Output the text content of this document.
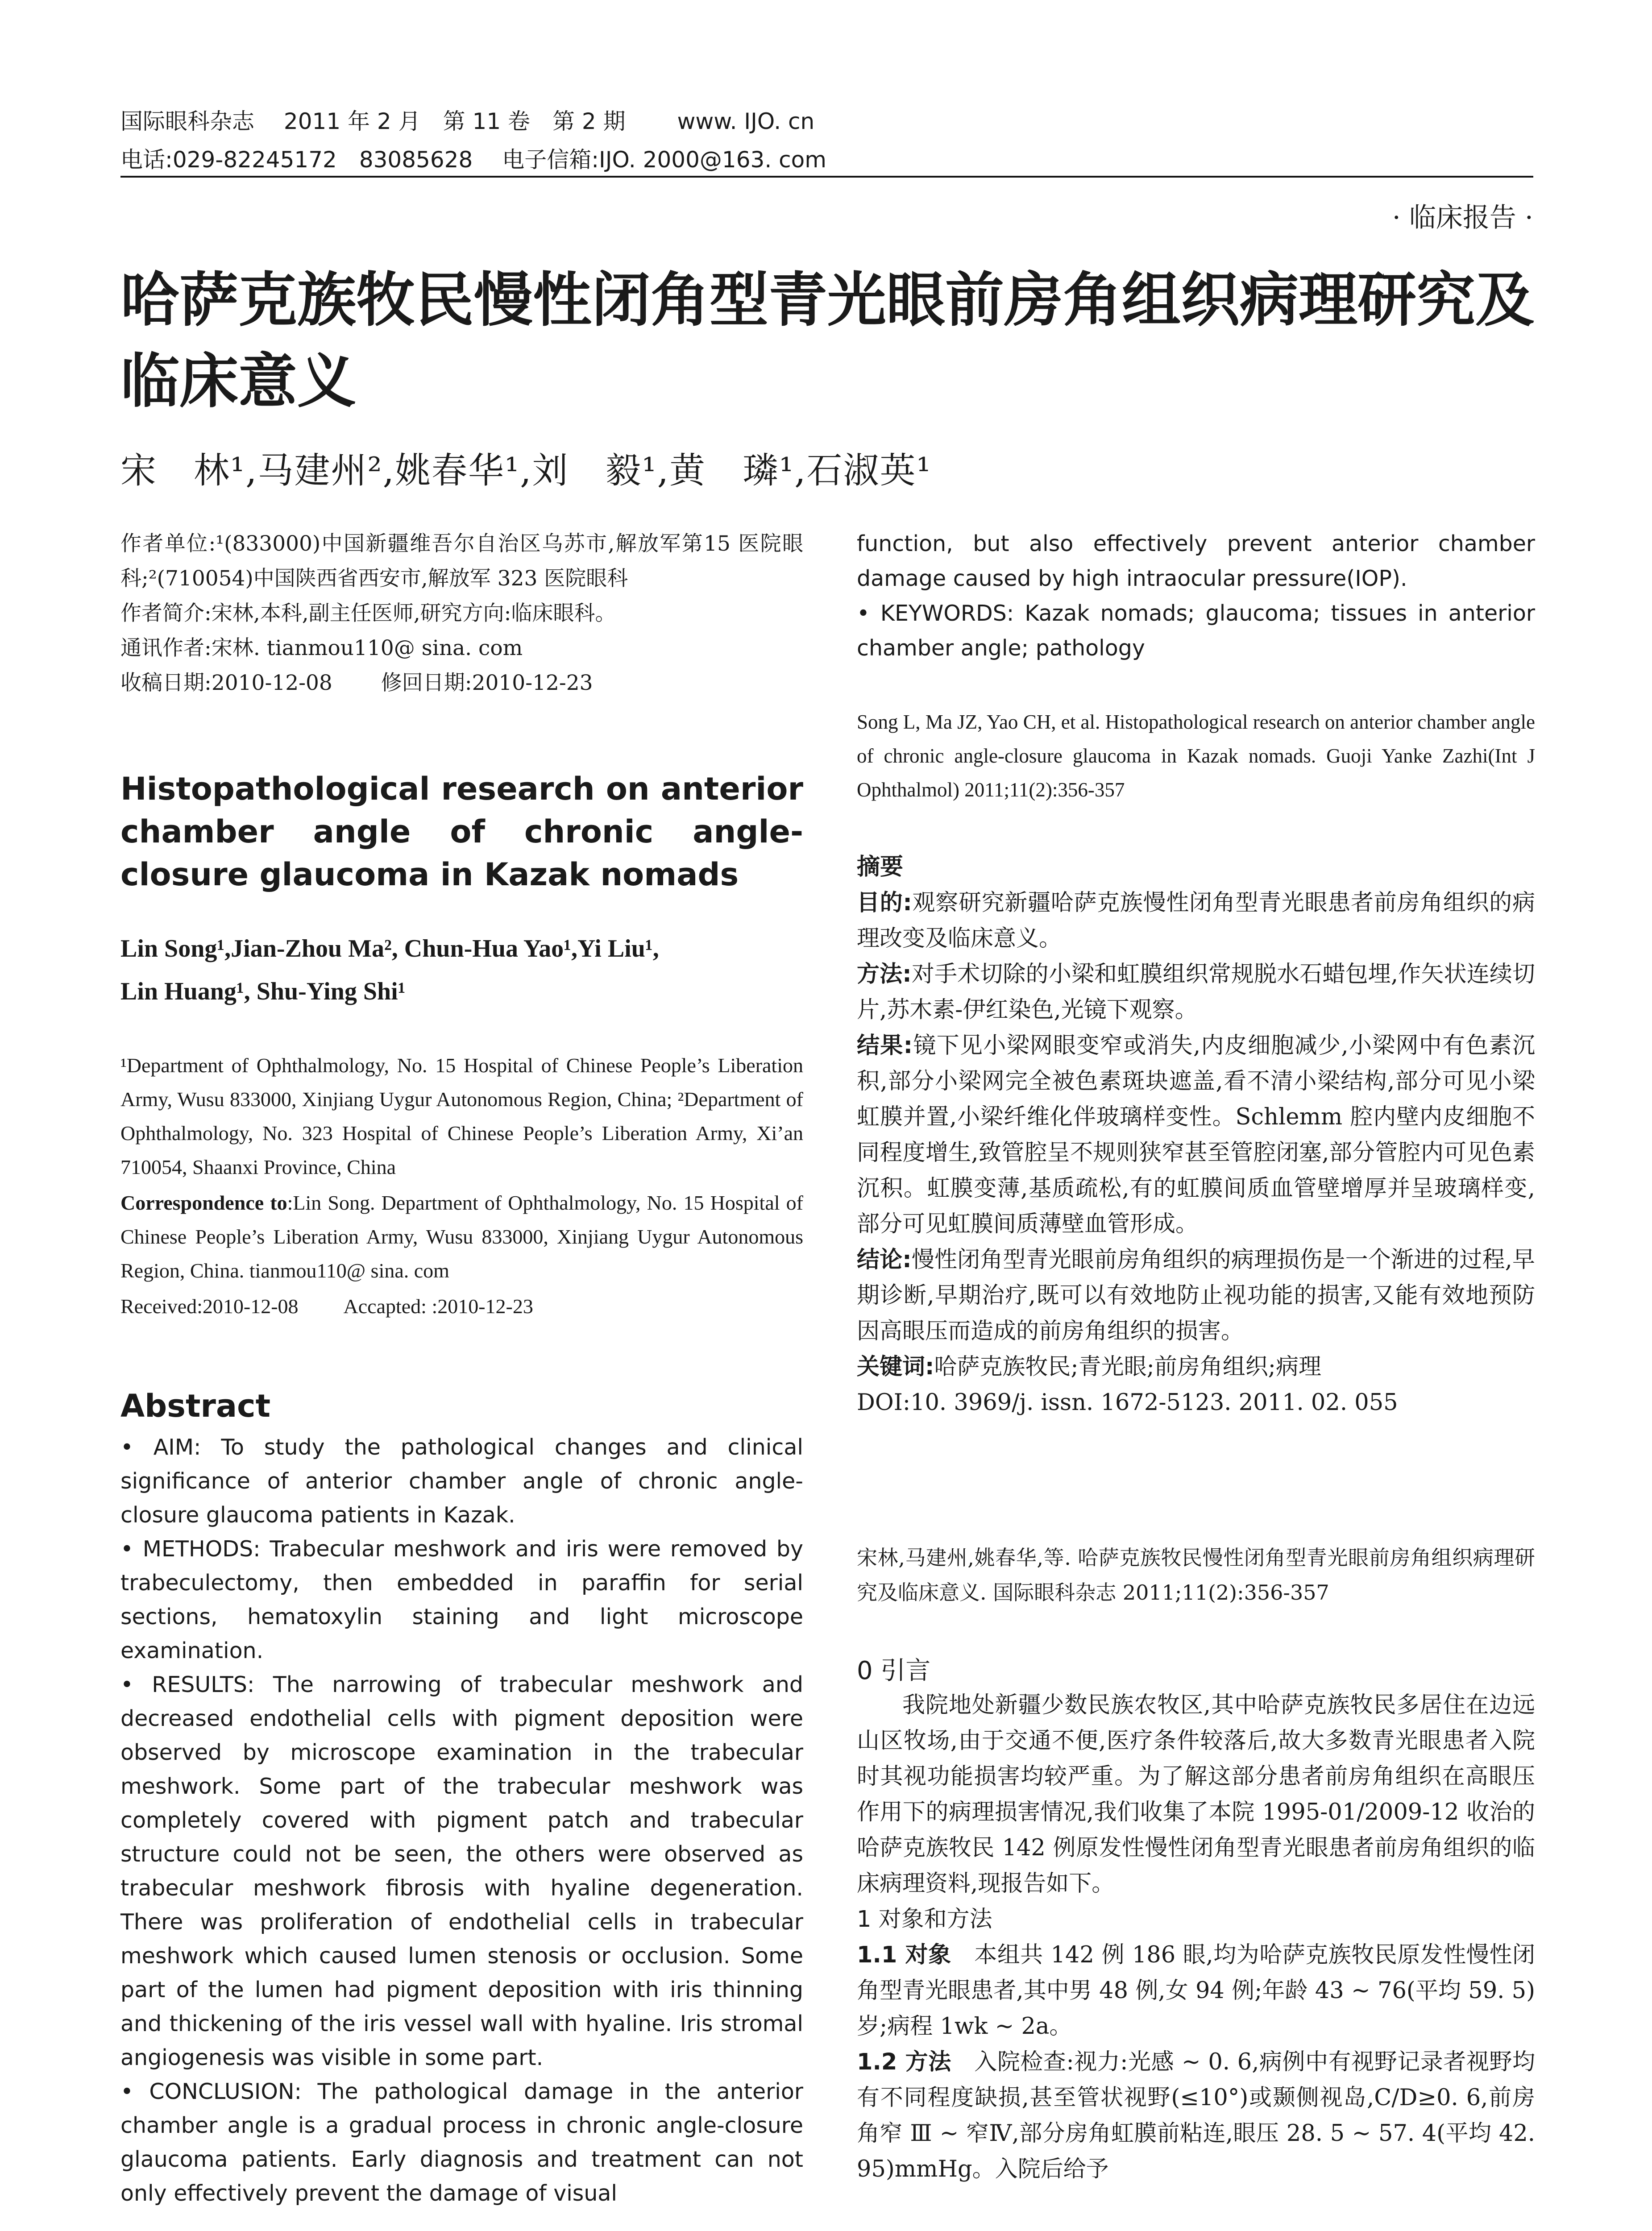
国际眼科杂志　 2011 年 2 月　第 11 卷　第 2 期　　 www. IJO. cn
电话:029-82245172　83085628　 电子信箱:IJO. 2000@163. com
· 临床报告 ·
哈萨克族牧民慢性闭角型青光眼前房角组织病理研究及临床意义
宋　林¹,马建州²,姚春华¹,刘　毅¹,黄　璘¹,石淑英¹

作者单位:¹(833000)中国新疆维吾尔自治区乌苏市,解放军第15 医院眼科;²(710054)中国陕西省西安市,解放军 323 医院眼科

作者简介:宋林,本科,副主任医师,研究方向:临床眼科。

通讯作者:宋林. tianmou110@ sina. com

收稿日期:2010-12-08　　 修回日期:2010-12-23

Histopathological research on anterior chamber angle of chronic angle-closure glaucoma in Kazak nomads
Lin Song¹,Jian-Zhou Ma², Chun-Hua Yao¹,Yi Liu¹,
Lin Huang¹, Shu-Ying Shi¹

¹Department of Ophthalmology, No. 15 Hospital of Chinese People’s Liberation Army, Wusu 833000, Xinjiang Uygur Autonomous Region, China; ²Department of Ophthalmology, No. 323 Hospital of Chinese People’s Liberation Army, Xi’an 710054, Shaanxi Province, China

Correspondence to:Lin Song. Department of Ophthalmology, No. 15 Hospital of Chinese People’s Liberation Army, Wusu 833000, Xinjiang Uygur Autonomous Region, China. tianmou110@ sina. com

Received:2010-12-08　　 Accapted: :2010-12-23

Abstract

• AIM: To study the pathological changes and clinical significance of anterior chamber angle of chronic angle-closure glaucoma patients in Kazak.

• METHODS: Trabecular meshwork and iris were removed by trabeculectomy, then embedded in paraffin for serial sections, hematoxylin staining and light microscope examination.

• RESULTS: The narrowing of trabecular meshwork and decreased endothelial cells with pigment deposition were observed by microscope examination in the trabecular meshwork. Some part of the trabecular meshwork was completely covered with pigment patch and trabecular structure could not be seen, the others were observed as trabecular meshwork fibrosis with hyaline degeneration. There was proliferation of endothelial cells in trabecular meshwork which caused lumen stenosis or occlusion. Some part of the lumen had pigment deposition with iris thinning and thickening of the iris vessel wall with hyaline. Iris stromal angiogenesis was visible in some part.

• CONCLUSION: The pathological damage in the anterior chamber angle is a gradual process in chronic angle-closure glaucoma patients. Early diagnosis and treatment can not only effectively prevent the damage of visual

function, but also effectively prevent anterior chamber damage caused by high intraocular pressure(IOP).

• KEYWORDS: Kazak nomads; glaucoma; tissues in anterior chamber angle; pathology

Song L, Ma JZ, Yao CH, et al. Histopathological research on anterior chamber angle of chronic angle-closure glaucoma in Kazak nomads. Guoji Yanke Zazhi(Int J Ophthalmol) 2011;11(2):356-357
摘要

目的:观察研究新疆哈萨克族慢性闭角型青光眼患者前房角组织的病理改变及临床意义。

方法:对手术切除的小梁和虹膜组织常规脱水石蜡包埋,作矢状连续切片,苏木素-伊红染色,光镜下观察。

结果:镜下见小梁网眼变窄或消失,内皮细胞减少,小梁网中有色素沉积,部分小梁网完全被色素斑块遮盖,看不清小梁结构,部分可见小梁虹膜并置,小梁纤维化伴玻璃样变性。Schlemm 腔内壁内皮细胞不同程度增生,致管腔呈不规则狭窄甚至管腔闭塞,部分管腔内可见色素沉积。虹膜变薄,基质疏松,有的虹膜间质血管壁增厚并呈玻璃样变,部分可见虹膜间质薄壁血管形成。

结论:慢性闭角型青光眼前房角组织的病理损伤是一个渐进的过程,早期诊断,早期治疗,既可以有效地防止视功能的损害,又能有效地预防因高眼压而造成的前房角组织的损害。

关键词:哈萨克族牧民;青光眼;前房角组织;病理

DOI:10. 3969/j. issn. 1672-5123. 2011. 02. 055

宋林,马建州,姚春华,等. 哈萨克族牧民慢性闭角型青光眼前房角组织病理研究及临床意义. 国际眼科杂志 2011;11(2):356-357
0 引言

我院地处新疆少数民族农牧区,其中哈萨克族牧民多居住在边远山区牧场,由于交通不便,医疗条件较落后,故大多数青光眼患者入院时其视功能损害均较严重。为了解这部分患者前房角组织在高眼压作用下的病理损害情况,我们收集了本院 1995-01/2009-12 收治的哈萨克族牧民 142 例原发性慢性闭角型青光眼患者前房角组织的临床病理资料,现报告如下。

1 对象和方法

1.1 对象　 本组共 142 例 186 眼,均为哈萨克族牧民原发性慢性闭角型青光眼患者,其中男 48 例,女 94 例;年龄 43 ~ 76(平均 59. 5)岁;病程 1wk ~ 2a。

1.2 方法　 入院检查:视力:光感 ~ 0. 6,病例中有视野记录者视野均有不同程度缺损,甚至管状视野(≤10°)或颞侧视岛,C/D≥0. 6,前房角窄 Ⅲ ~ 窄Ⅳ,部分房角虹膜前粘连,眼压 28. 5 ~ 57. 4(平均 42. 95)mmHg。入院后给予
